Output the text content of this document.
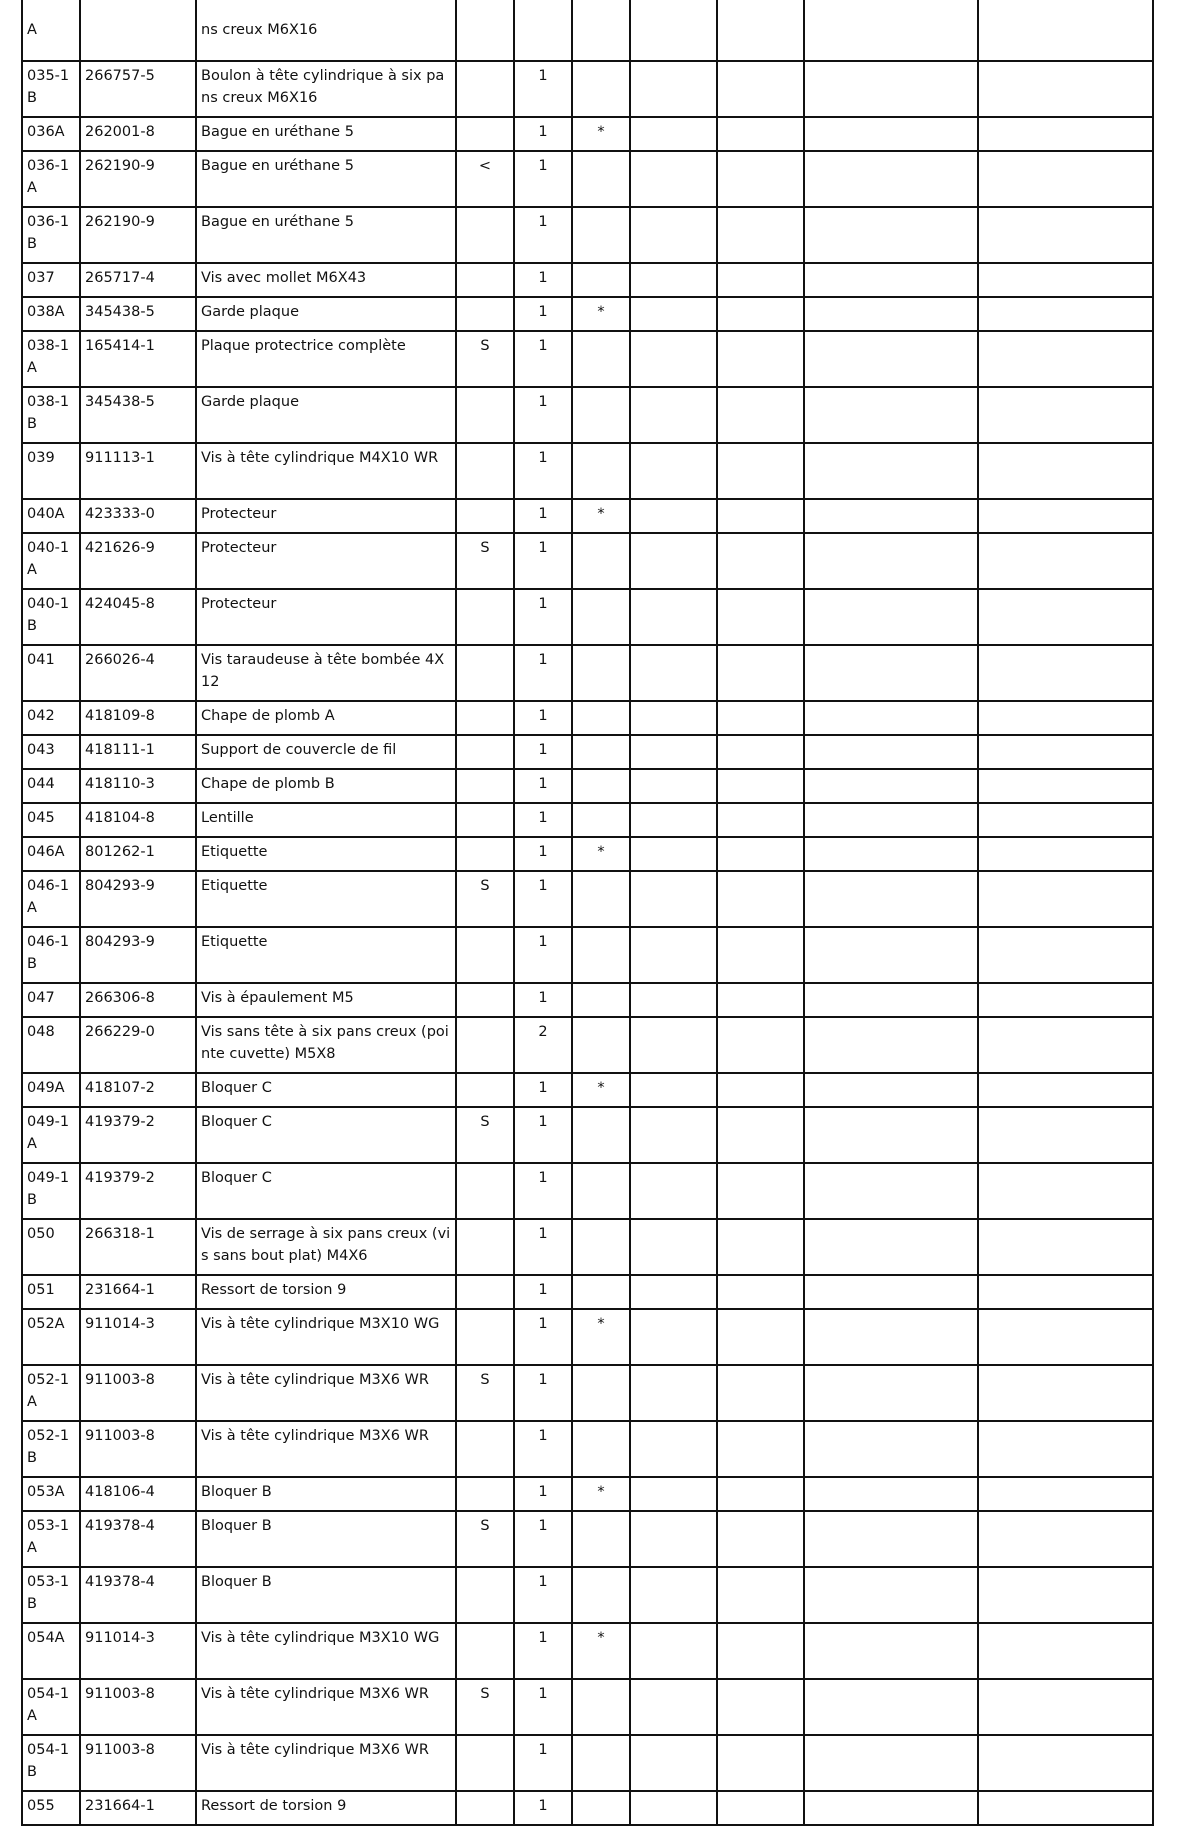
A		ns creux M6X16							
035-1 B	266757-5	Boulon à tête cylindrique à six pans creux M6X16		1					
036A	262001-8	Bague en uréthane 5		1	*				
036-1 A	262190-9	Bague en uréthane 5	<	1					
036-1 B	262190-9	Bague en uréthane 5		1					
037	265717-4	Vis avec mollet M6X43		1					
038A	345438-5	Garde plaque		1	*				
038-1 A	165414-1	Plaque protectrice complète	S	1					
038-1 B	345438-5	Garde plaque		1					
039	911113-1	Vis à tête cylindrique M4X10 WR		1					
040A	423333-0	Protecteur		1	*				
040-1 A	421626-9	Protecteur	S	1					
040-1 B	424045-8	Protecteur		1					
041	266026-4	Vis taraudeuse à tête bombée 4X12		1					
042	418109-8	Chape de plomb A		1					
043	418111-1	Support de couvercle de fil		1					
044	418110-3	Chape de plomb B		1					
045	418104-8	Lentille		1					
046A	801262-1	Etiquette		1	*				
046-1 A	804293-9	Etiquette	S	1					
046-1 B	804293-9	Etiquette		1					
047	266306-8	Vis à épaulement M5		1					
048	266229-0	Vis sans tête à six pans creux (pointe cuvette) M5X8		2					
049A	418107-2	Bloquer C		1	*				
049-1 A	419379-2	Bloquer C	S	1					
049-1 B	419379-2	Bloquer C		1					
050	266318-1	Vis de serrage à six pans creux (vis sans bout plat) M4X6		1					
051	231664-1	Ressort de torsion 9		1					
052A	911014-3	Vis à tête cylindrique M3X10 WG		1	*				
052-1 A	911003-8	Vis à tête cylindrique M3X6 WR	S	1					
052-1 B	911003-8	Vis à tête cylindrique M3X6 WR		1					
053A	418106-4	Bloquer B		1	*				
053-1 A	419378-4	Bloquer B	S	1					
053-1 B	419378-4	Bloquer B		1					
054A	911014-3	Vis à tête cylindrique M3X10 WG		1	*				
054-1 A	911003-8	Vis à tête cylindrique M3X6 WR	S	1					
054-1 B	911003-8	Vis à tête cylindrique M3X6 WR		1					
055	231664-1	Ressort de torsion 9		1					
